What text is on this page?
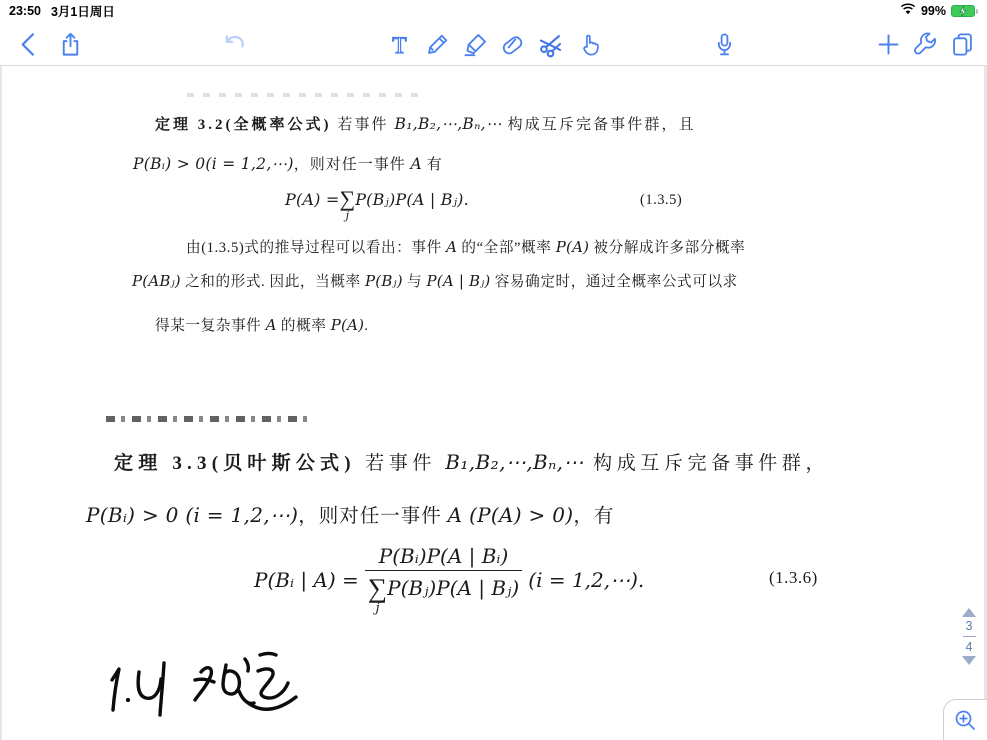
23:50 3月1日周日	99%
T
定理 3.2(全概率公式) 若事件 B₁,B₂,⋯,Bₙ,⋯ 构成互斥完备事件群，且
P(Bᵢ) > 0(i = 1,2,⋯)，则对任一事件 A 有
P(A) = ∑
j
P(Bⱼ)P(A | Bⱼ).	(1.3.5)
由(1.3.5)式的推导过程可以看出：事件 A 的“全部”概率 P(A) 被分解成许多部分概率
P(ABⱼ) 之和的形式. 因此，当概率 P(Bⱼ) 与 P(A | Bⱼ) 容易确定时，通过全概率公式可以求
得某一复杂事件 A 的概率 P(A).
定理 3.3(贝叶斯公式) 若事件 B₁,B₂,⋯,Bₙ,⋯ 构成互斥完备事件群，
P(Bᵢ) > 0 (i = 1,2,⋯)，则对任一事件 A (P(A) > 0)，有
P(Bᵢ | A) = P(Bᵢ)P(A | Bᵢ)
∑
j
P(Bⱼ)P(A | Bⱼ) (i = 1,2,⋯).	(1.3.6)
3
4
